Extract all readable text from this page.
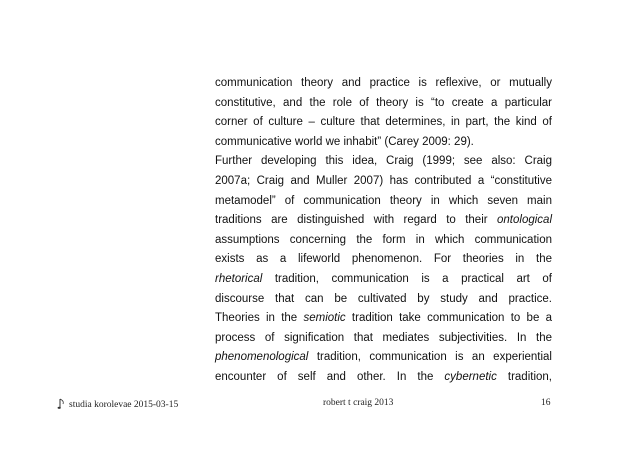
communication theory and practice is reflexive, or mutually
constitutive, and the role of theory is “to create a particular
corner of culture – culture that determines, in part, the kind of
communicative world we inhabit” (Carey 2009: 29).
Further developing this idea, Craig (1999; see also: Craig
2007a; Craig and Muller 2007) has contributed a “constitutive
metamodel” of communication theory in which seven main
traditions are distinguished with regard to their ontological
assumptions concerning the form in which communication
exists as a lifeworld phenomenon. For theories in the
rhetorical tradition, communication is a practical art of
discourse that can be cultivated by study and practice.
Theories in the semiotic tradition take communication to be a
process of signification that mediates subjectivities. In the
phenomenological tradition, communication is an experiential
encounter of self and other. In the cybernetic tradition,
studia korolevae 2015-03-15	robert t craig 2013	16
